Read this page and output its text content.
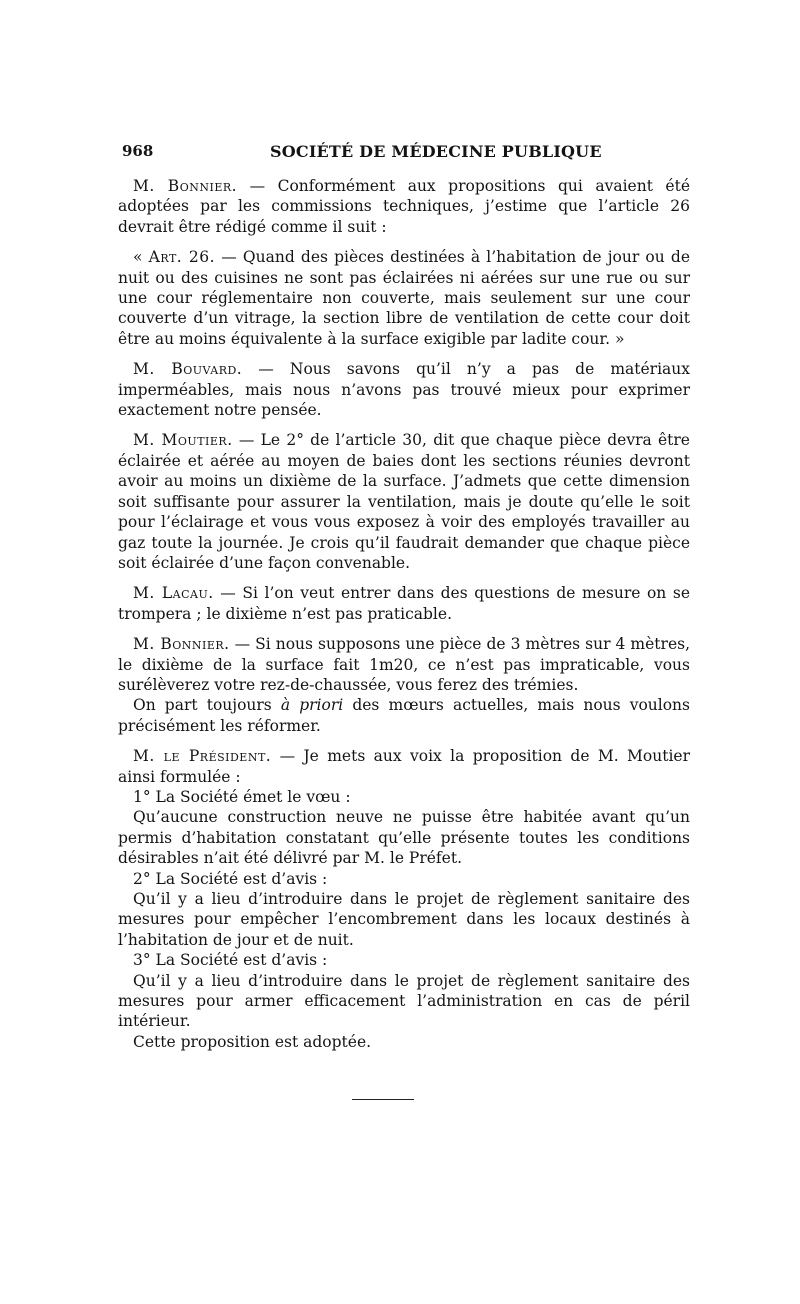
968	SOCIÉTÉ DE MÉDECINE PUBLIQUE

M. Bonnier. — Conformément aux propositions qui avaient été adoptées par les commissions techniques, j’estime que l’article 26 devrait être rédigé comme il suit :

« Art. 26. — Quand des pièces destinées à l’habitation de jour ou de nuit ou des cuisines ne sont pas éclairées ni aérées sur une rue ou sur une cour réglementaire non couverte, mais seulement sur une cour couverte d’un vitrage, la section libre de ventilation de cette cour doit être au moins équivalente à la surface exigible par ladite cour. »

M. Bouvard. — Nous savons qu’il n’y a pas de matériaux imperméables, mais nous n’avons pas trouvé mieux pour exprimer exactement notre pensée.

M. Moutier. — Le 2° de l’article 30, dit que chaque pièce devra être éclairée et aérée au moyen de baies dont les sections réunies devront avoir au moins un dixième de la surface. J’admets que cette dimension soit suffisante pour assurer la ventilation, mais je doute qu’elle le soit pour l’éclairage et vous vous exposez à voir des employés travailler au gaz toute la journée. Je crois qu’il faudrait demander que chaque pièce soit éclairée d’une façon convenable.

M. Lacau. — Si l’on veut entrer dans des questions de mesure on se trompera ; le dixième n’est pas praticable.

M. Bonnier. — Si nous supposons une pièce de 3 mètres sur 4 mètres, le dixième de la surface fait 1m20, ce n’est pas impraticable, vous surélèverez votre rez-de-chaussée, vous ferez des trémies.

On part toujours à priori des mœurs actuelles, mais nous voulons précisément les réformer.

M. le Président. — Je mets aux voix la proposition de M. Moutier ainsi formulée :

1° La Société émet le vœu :

Qu’aucune construction neuve ne puisse être habitée avant qu’un permis d’habitation constatant qu’elle présente toutes les conditions désirables n’ait été délivré par M. le Préfet.

2° La Société est d’avis :

Qu’il y a lieu d’introduire dans le projet de règlement sanitaire des mesures pour empêcher l’encombrement dans les locaux destinés à l’habitation de jour et de nuit.

3° La Société est d’avis :

Qu’il y a lieu d’introduire dans le projet de règlement sanitaire des mesures pour armer efficacement l’administration en cas de péril intérieur.

Cette proposition est adoptée.
